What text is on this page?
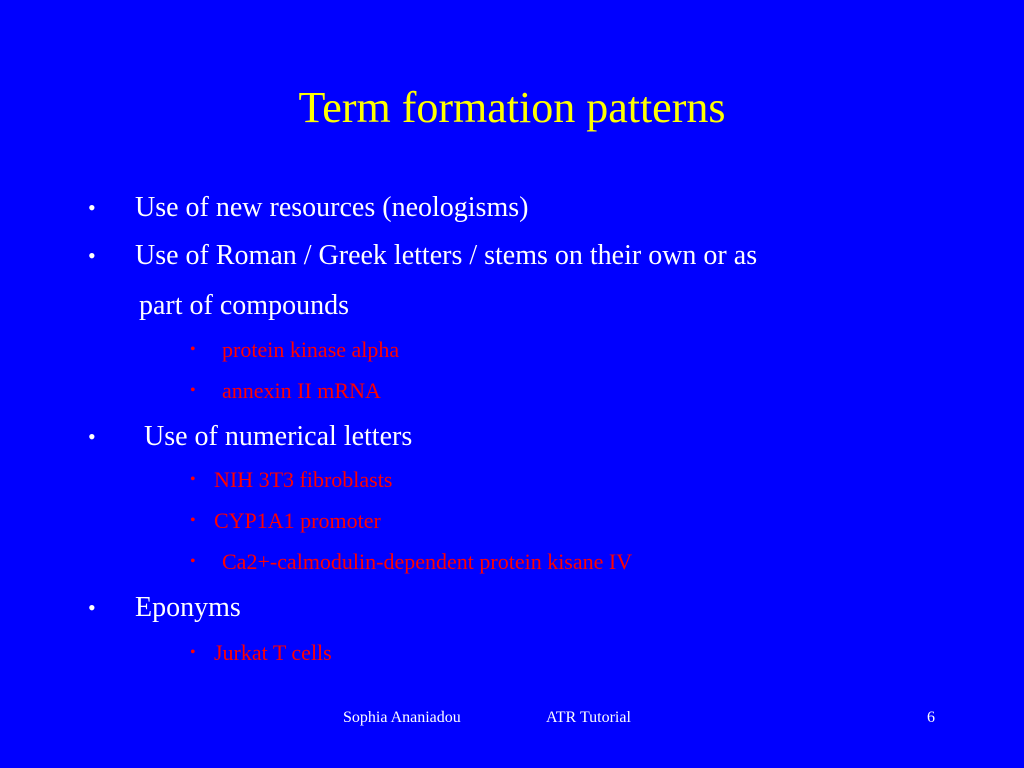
Term formation patterns
• Use of new resources (neologisms)
• Use of Roman / Greek letters / stems on their own or as
part of compounds
• protein kinase alpha
• annexin II mRNA
• Use of numerical letters
• NIH 3T3 fibroblasts
• CYP1A1 promoter
• Ca2+-calmodulin-dependent protein kisane IV
• Eponyms
• Jurkat T cells
Sophia Ananiadou	ATR Tutorial	6
